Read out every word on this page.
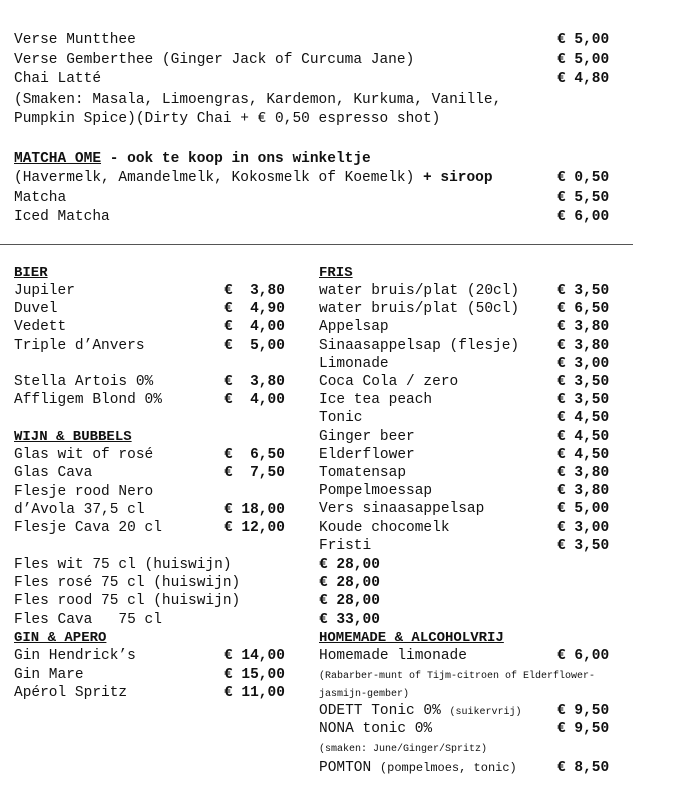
Verse Muntthee	€ 5,00
Verse Gemberthee (Ginger Jack of Curcuma Jane)	€ 5,00
Chai Latté	€ 4,80
(Smaken: Masala, Limoengras, Kardemon, Kurkuma, Vanille,
Pumpkin Spice)(Dirty Chai + € 0,50 espresso shot)
MATCHA OME - ook te koop in ons winkeltje
(Havermelk, Amandelmelk, Kokosmelk of Koemelk) + siroop	€ 0,50
Matcha	€ 5,50
Iced Matcha	€ 6,00
BIER
Jupiler	€  3,80
Duvel	€  4,90
Vedett	€  4,00
Triple d’Anvers	€  5,00
Stella Artois 0%	€  3,80
Affligem Blond 0%	€  4,00
WIJN & BUBBELS
Glas wit of rosé	€  6,50
Glas Cava	€  7,50
Flesje rood Nero
d’Avola 37,5 cl	€ 18,00
Flesje Cava 20 cl	€ 12,00
Fles wit 75 cl (huiswijn)	€ 28,00
Fles rosé 75 cl (huiswijn)	€ 28,00
Fles rood 75 cl (huiswijn)	€ 28,00
Fles Cava   75 cl	€ 33,00
GIN & APERO
Gin Hendrick’s	€ 14,00
Gin Mare	€ 15,00
Apérol Spritz	€ 11,00
FRIS
water bruis/plat (20cl)	€ 3,50
water bruis/plat (50cl)	€ 6,50
Appelsap	€ 3,80
Sinaasappelsap (flesje)	€ 3,80
Limonade	€ 3,00
Coca Cola / zero	€ 3,50
Ice tea peach	€ 3,50
Tonic	€ 4,50
Ginger beer	€ 4,50
Elderflower	€ 4,50
Tomatensap	€ 3,80
Pompelmoessap	€ 3,80
Vers sinaasappelsap	€ 5,00
Koude chocomelk	€ 3,00
Fristi	€ 3,50
HOMEMADE & ALCOHOLVRIJ
Homemade limonade	€ 6,00
(Rabarber-munt of Tijm-citroen of Elderflower-
jasmijn-gember)
ODETT Tonic 0% (suikervrij) € 9,50
NONA tonic 0%	€ 9,50
(smaken: June/Ginger/Spritz)
POMTON (pompelmoes, tonic)	€ 8,50
